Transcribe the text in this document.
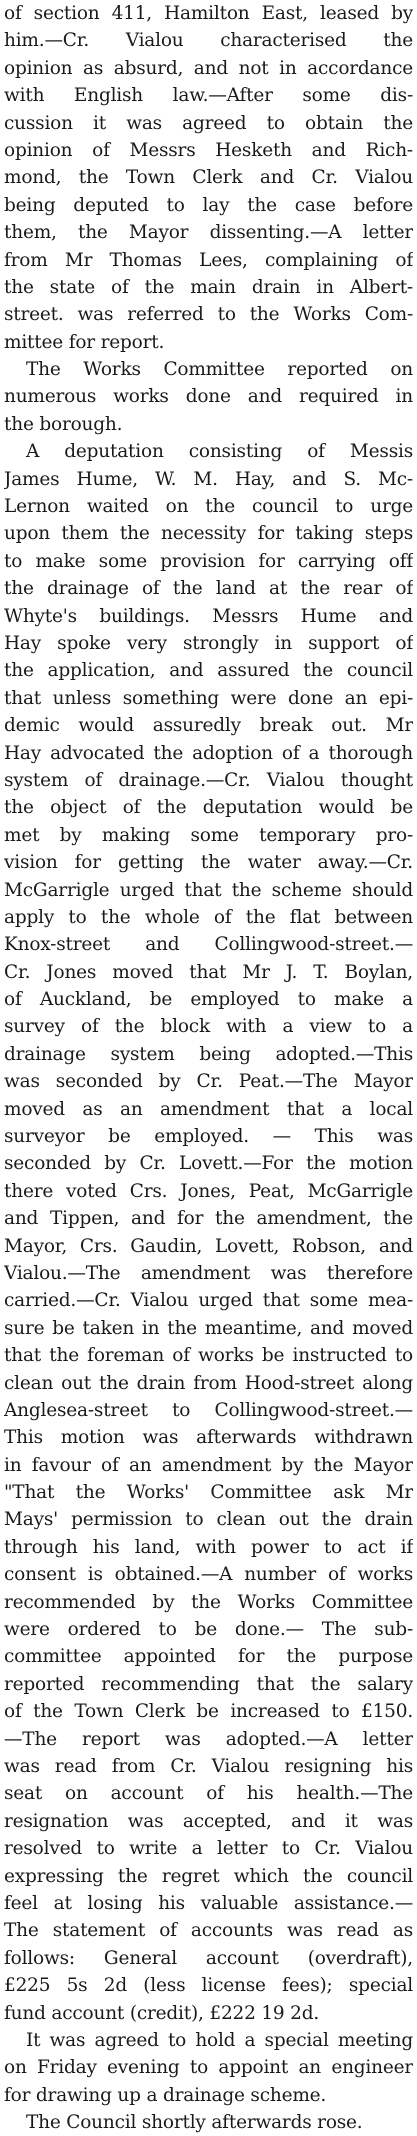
of section 411, Hamilton East, leased by
him.—Cr. Vialou characterised the
opinion as absurd, and not in accordance
with English law.—After some dis-
cussion it was agreed to obtain the
opinion of Messrs Hesketh and Rich-
mond, the Town Clerk and Cr. Vialou
being deputed to lay the case before
them, the Mayor dissenting.—A letter
from Mr Thomas Lees, complaining of
the state of the main drain in Albert-
street. was referred to the Works Com-
mittee for report.
The Works Committee reported on
numerous works done and required in
the borough.
A deputation consisting of Messis
James Hume, W. M. Hay, and S. Mc-
Lernon waited on the council to urge
upon them the necessity for taking steps
to make some provision for carrying off
the drainage of the land at the rear of
Whyte's buildings. Messrs Hume and
Hay spoke very strongly in support of
the application, and assured the council
that unless something were done an epi-
demic would assuredly break out. Mr
Hay advocated the adoption of a thorough
system of drainage.—Cr. Vialou thought
the object of the deputation would be
met by making some temporary pro-
vision for getting the water away.—Cr.
McGarrigle urged that the scheme should
apply to the whole of the flat between
Knox-street and Collingwood-street.—
Cr. Jones moved that Mr J. T. Boylan,
of Auckland, be employed to make a
survey of the block with a view to a
drainage system being adopted.—This
was seconded by Cr. Peat.—The Mayor
moved as an amendment that a local
surveyor be employed. — This was
seconded by Cr. Lovett.—For the motion
there voted Crs. Jones, Peat, McGarrigle
and Tippen, and for the amendment, the
Mayor, Crs. Gaudin, Lovett, Robson, and
Vialou.—The amendment was therefore
carried.—Cr. Vialou urged that some mea-
sure be taken in the meantime, and moved
that the foreman of works be instructed to
clean out the drain from Hood-street along
Anglesea-street to Collingwood-street.—
This motion was afterwards withdrawn
in favour of an amendment by the Mayor
"That the Works' Committee ask Mr
Mays' permission to clean out the drain
through his land, with power to act if
consent is obtained.—A number of works
recommended by the Works Committee
were ordered to be done.— The sub-
committee appointed for the purpose
reported recommending that the salary
of the Town Clerk be increased to £150.
—The report was adopted.—A letter
was read from Cr. Vialou resigning his
seat on account of his health.—The
resignation was accepted, and it was
resolved to write a letter to Cr. Vialou
expressing the regret which the council
feel at losing his valuable assistance.—
The statement of accounts was read as
follows: General account (overdraft),
£225 5s 2d (less license fees); special
fund account (credit), £222 19 2d.
It was agreed to hold a special meeting
on Friday evening to appoint an engineer
for drawing up a drainage scheme.
The Council shortly afterwards rose.
